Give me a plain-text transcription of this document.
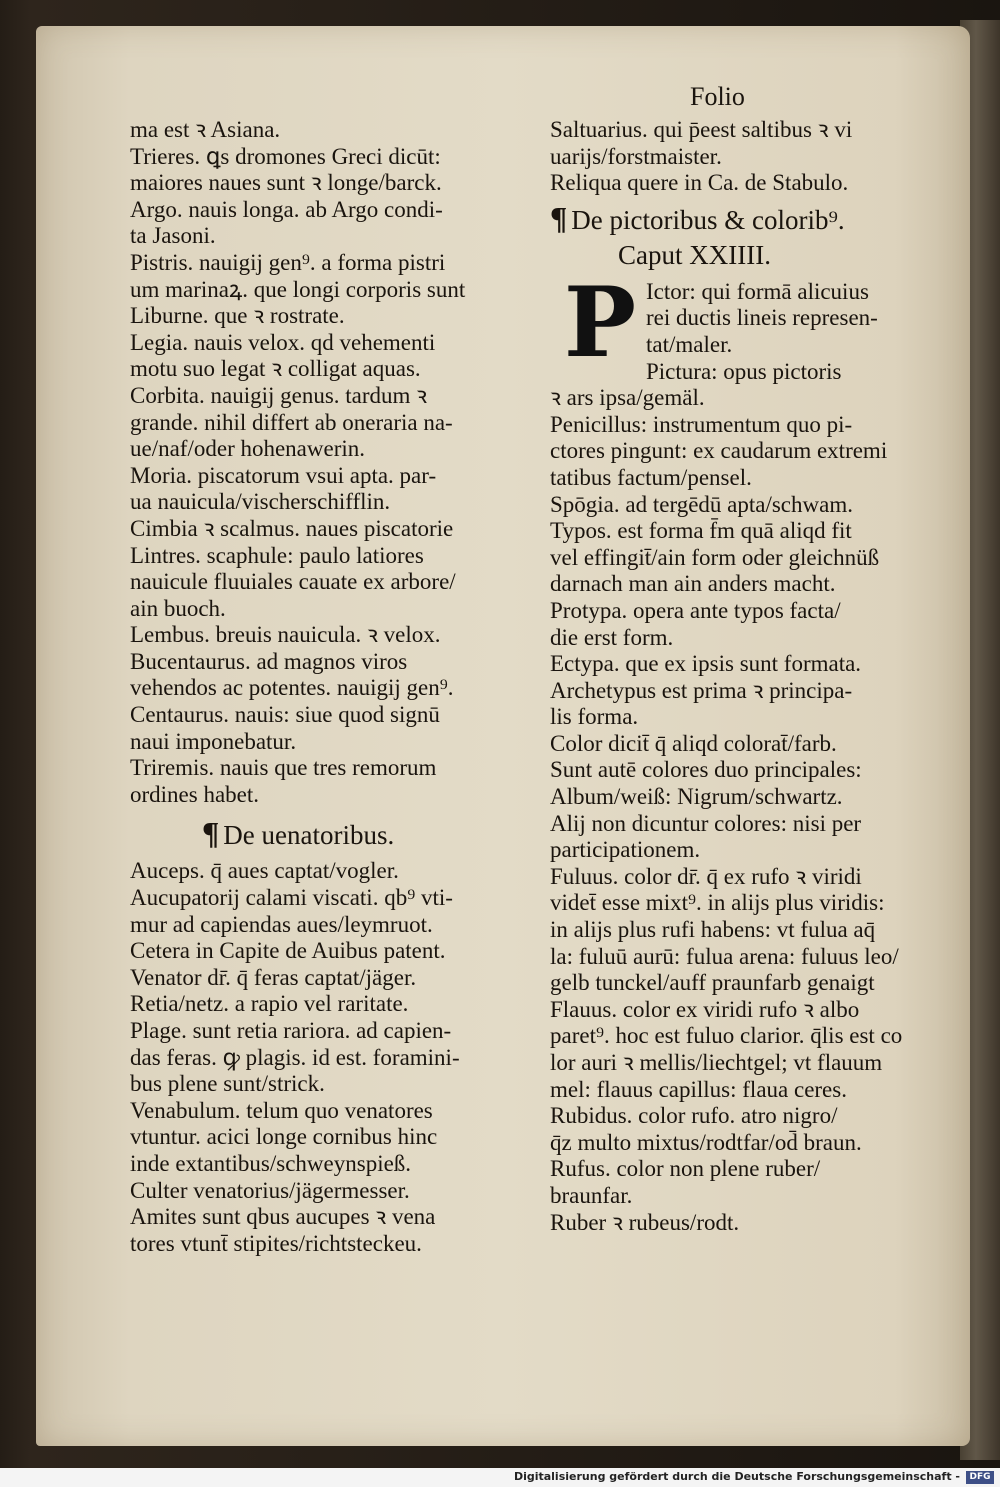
Folio
ma est ꝛ Asiana.
Trieres. ꝗs dromones Greci dicūt:
maiores naues sunt ꝛ longe/barck.
Argo. nauis longa. ab Argo condi-
ta Jasoni.
Pistris. nauigij gen⁹. a forma pistri
um marinaꝝ. que longi corporis sunt
Liburne. que ꝛ rostrate.
Legia. nauis velox. qd vehementi
motu suo legat ꝛ colligat aquas.
Corbita. nauigij genus. tardum ꝛ
grande. nihil differt ab oneraria na-
ue/naf/oder hohenawerin.
Moria. piscatorum vsui apta. par-
ua nauicula/vischerschifflin.
Cimbia ꝛ scalmus. naues piscatorie
Lintres. scaphule: paulo latiores
nauicule fluuiales cauate ex arbore/
ain buoch.
Lembus. breuis nauicula. ꝛ velox.
Bucentaurus. ad magnos viros
vehendos ac potentes. nauigij gen⁹.
Centaurus. nauis: siue quod signū
naui imponebatur.
Triremis. nauis que tres remorum
ordines habet.
¶ De uenatoribus.
Auceps. q̄ aues captat/vogler.
Aucupatorij calami viscati. qb⁹ vti-
mur ad capiendas aues/leymruot.
Cetera in Capite de Auibus patent.
Venator dr̄. q̄ feras captat/jäger.
Retia/netz. a rapio vel raritate.
Plage. sunt retia rariora. ad capien-
das feras. ꝙ plagis. id est. foramini-
bus plene sunt/strick.
Venabulum. telum quo venatores
vtuntur. acici longe cornibus hinc
inde extantibus/schweynspieß.
Culter venatorius/jägermesser.
Amites sunt qbus aucupes ꝛ vena
tores vtunt̄ stipites/richtsteckeu.
Saltuarius. qui p̄eest saltibus ꝛ vi
uarijs/forstmaister.
Reliqua quere in Ca. de Stabulo.
¶ De pictoribus & colorib⁹.
Caput XXIIII.
P Ictor: qui formā alicuius
rei ductis lineis represen-
tat/maler.
Pictura: opus pictoris
ꝛ ars ipsa/gemäl.
Penicillus: instrumentum quo pi-
ctores pingunt: ex caudarum extremi
tatibus factum/pensel.
Spōgia. ad tergēdū apta/schwam.
Typos. est forma f̄m quā aliqd fit
vel effingit̄/ain form oder gleichnüß
darnach man ain anders macht.
Protypa. opera ante typos facta/
die erst form.
Ectypa. que ex ipsis sunt formata.
Archetypus est prima ꝛ principa-
lis forma.
Color dicit̄ q̄ aliqd colorat̄/farb.
Sunt autē colores duo principales:
Album/weiß: Nigrum/schwartz.
Alij non dicuntur colores: nisi per
participationem.
Fuluus. color dr̄. q̄ ex rufo ꝛ viridi
videt̄ esse mixt⁹. in alijs plus viridis:
in alijs plus rufi habens: vt fulua aq̄
la: fuluū aurū: fulua arena: fuluus leo/
gelb tunckel/auff praunfarb genaigt
Flauus. color ex viridi rufo ꝛ albo
paret⁹. hoc est fuluo clarior. q̄lis est co
lor auri ꝛ mellis/liechtgel; vt flauum
mel: flauus capillus: flaua ceres.
Rubidus. color rufo. atro nigro/
q̄z multo mixtus/rodtfar/od̄ braun.
Rufus. color non plene ruber/
braunfar.
Ruber ꝛ rubeus/rodt.
Digitalisierung gefördert durch die Deutsche Forschungsgemeinschaft -	DFG
